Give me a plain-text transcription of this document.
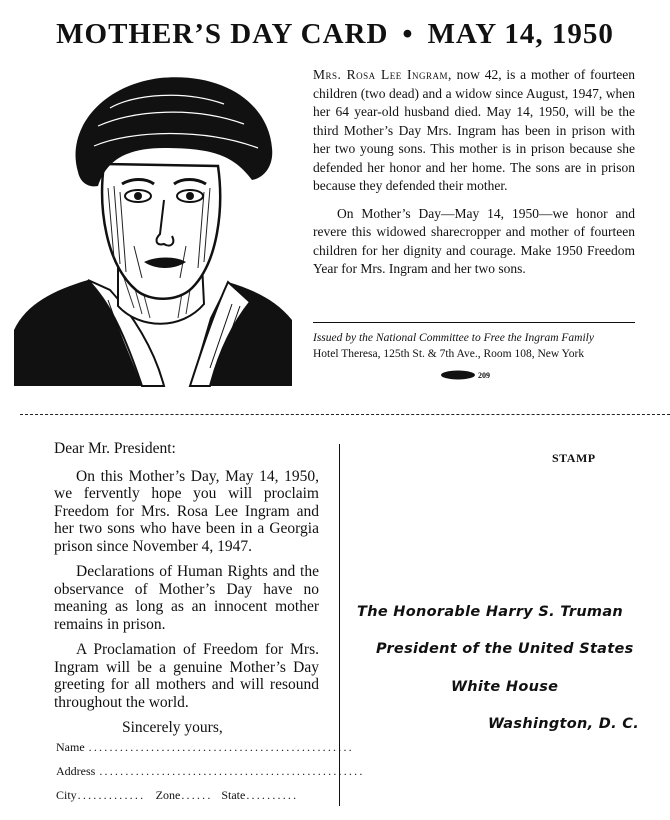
MOTHER’S DAY CARD • MAY 14, 1950

Mrs. Rosa Lee Ingram, now 42, is a mother of fourteen children (two dead) and a widow since August, 1947, when her 64 year-old husband died. May 14, 1950, will be the third Mother’s Day Mrs. Ingram has been in prison with her two young sons. This mother is in prison because she defended her honor and her home. The sons are in prison because they defended their mother.

On Mother’s Day—May 14, 1950—we honor and revere this widowed sharecropper and mother of fourteen children for her dignity and courage. Make 1950 Freedom Year for Mrs. Ingram and her two sons.

Issued by the National Committee to Free the Ingram Family
Hotel Theresa, 125th St. & 7th Ave., Room 108, New York
209

Dear Mr. President:

On this Mother’s Day, May 14, 1950, we fervently hope you will proclaim Freedom for Mrs. Rosa Lee Ingram and her two sons who have been in a Georgia prison since November 4, 1947.

Declarations of Human Rights and the observance of Mother’s Day have no meaning as long as an innocent mother remains in prison.

A Proclamation of Freedom for Mrs. Ingram will be a genuine Mother’s Day greeting for all mothers and will resound throughout the world.

Sincerely yours,

Name ...................................................
Address ...................................................
City ............. Zone ...... State ..........
STAMP
The Honorable Harry S. Truman
President of the United States
White House
Washington, D. C.
